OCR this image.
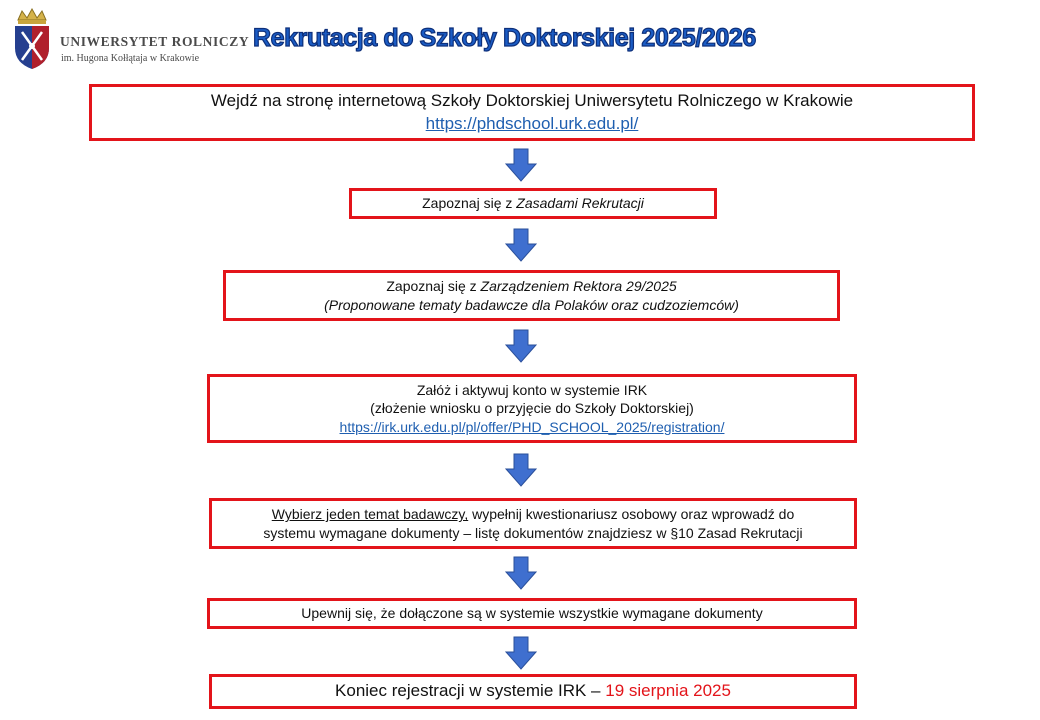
UNIWERSYTET ROLNICZY
im. Hugona Kołłątaja w Krakowie
Rekrutacja do Szkoły Doktorskiej 2025/2026
Wejdź na stronę internetową Szkoły Doktorskiej Uniwersytetu Rolniczego w Krakowie
https://phdschool.urk.edu.pl/
Zapoznaj się z Zasadami Rekrutacji
Zapoznaj się z Zarządzeniem Rektora 29/2025
(Proponowane tematy badawcze dla Polaków oraz cudzoziemców)
Załóż i aktywuj konto w systemie IRK
(złożenie wniosku o przyjęcie do Szkoły Doktorskiej)
https://irk.urk.edu.pl/pl/offer/PHD_SCHOOL_2025/registration/
Wybierz jeden temat badawczy, wypełnij kwestionariusz osobowy oraz wprowadź do
systemu wymagane dokumenty – listę dokumentów znajdziesz w §10 Zasad Rekrutacji
Upewnij się, że dołączone są w systemie wszystkie wymagane dokumenty
Koniec rejestracji w systemie IRK – 19 sierpnia 2025
